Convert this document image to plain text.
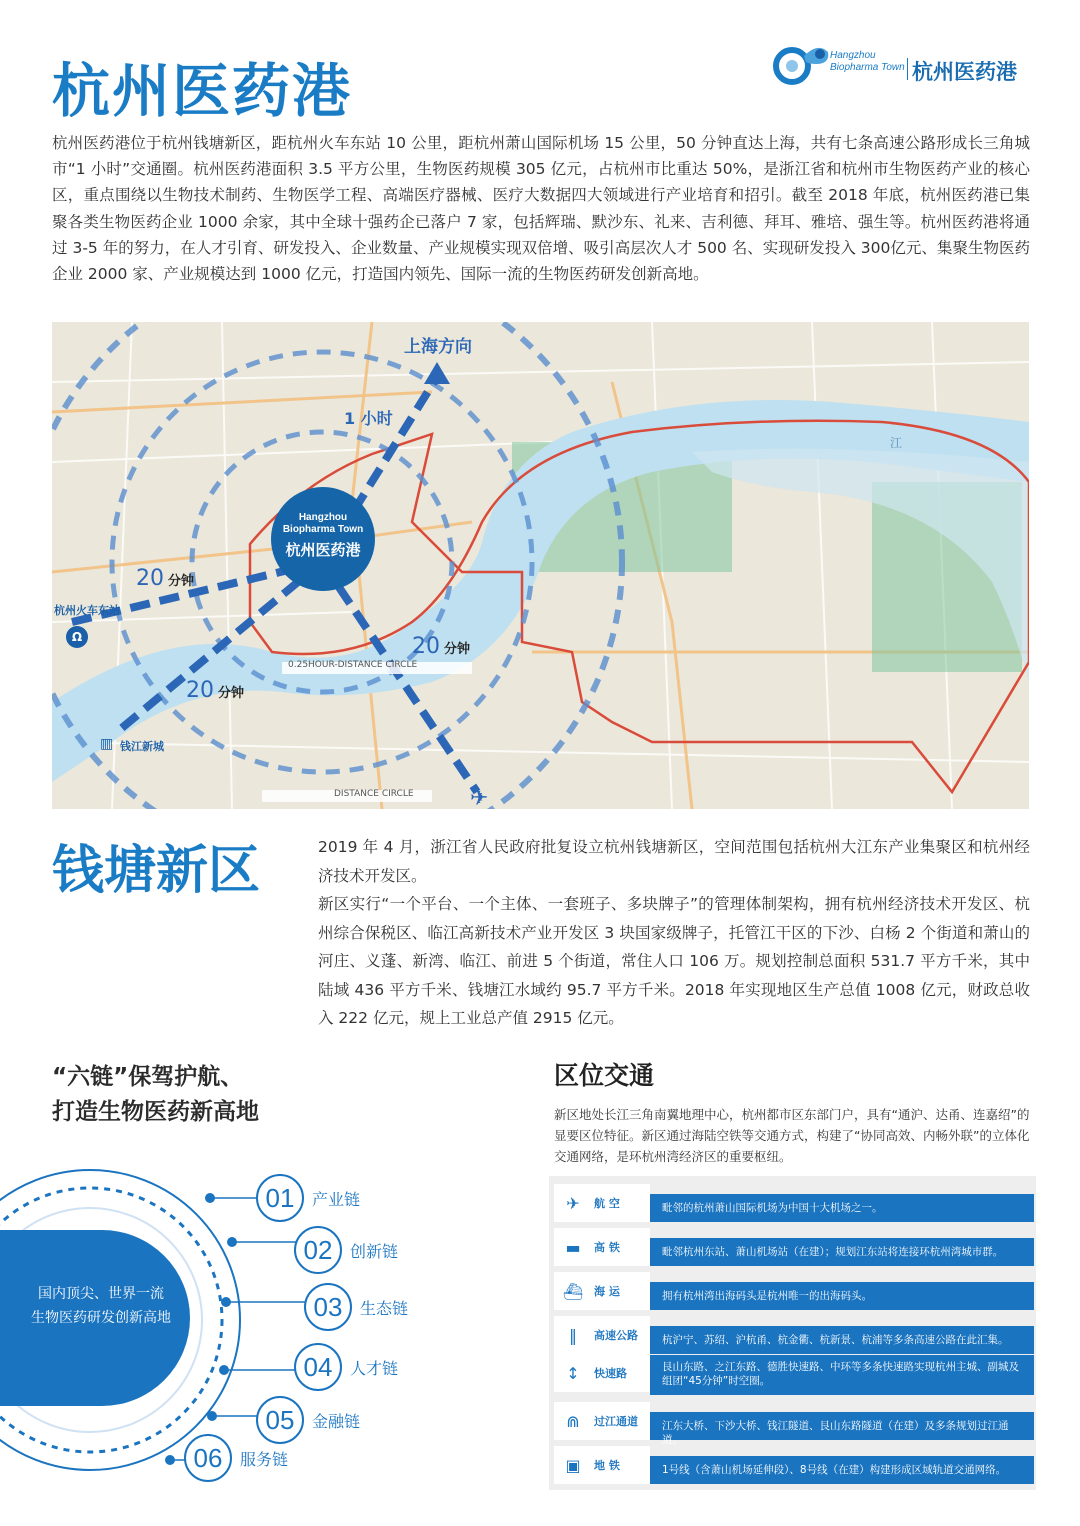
杭州医药港
Hangzhou
Biopharma Town 杭州医药港
杭州医药港位于杭州钱塘新区，距杭州火车东站 10 公里，距杭州萧山国际机场 15 公里，50 分钟直达上海，共有七条高速公路形成长三角城市“1 小时”交通圈。杭州医药港面积 3.5 平方公里，生物医药规模 305 亿元，占杭州市比重达 50%，是浙江省和杭州市生物医药产业的核心区，重点围绕以生物技术制药、生物医学工程、高端医疗器械、医疗大数据四大领域进行产业培育和招引。截至 2018 年底，杭州医药港已集聚各类生物医药企业 1000 余家，其中全球十强药企已落户 7 家，包括辉瑞、默沙东、礼来、吉利德、拜耳、雅培、强生等。杭州医药港将通过 3-5 年的努力，在人才引育、研发投入、企业数量、产业规模实现双倍增、吸引高层次人才 500 名、实现研发投入 300亿元、集聚生物医药企业 2000 家、产业规模达到 1000 亿元，打造国内领先、国际一流的生物医药研发创新高地。
上海方向
1 小时
Hangzhou
Biopharma Town
杭州医药港
20 分钟
20 分钟
20 分钟
杭州火车东站
Ω
▥ 钱江新城
0.25HOUR-DISTANCE CIRCLE
DISTANCE CIRCLE	✈
江
钱塘新区	2019 年 4 月，浙江省人民政府批复设立杭州钱塘新区，空间范围包括杭州大江东产业集聚区和杭州经济技术开发区。

新区实行“一个平台、一个主体、一套班子、多块牌子”的管理体制架构，拥有杭州经济技术开发区、杭州综合保税区、临江高新技术产业开发区 3 块国家级牌子，托管江干区的下沙、白杨 2 个街道和萧山的河庄、义蓬、新湾、临江、前进 5 个街道，常住人口 106 万。规划控制总面积 531.7 平方千米，其中陆域 436 平方千米、钱塘江水域约 95.7 平方千米。2018 年实现地区生产总值 1008 亿元，财政总收入 222 亿元，规上工业总产值 2915 亿元。

“六链”保驾护航、
打造生物医药新高地
国内顶尖、世界一流
生物医药研发创新高地
01	产业链
02	创新链
03	生态链
04	人才链
05	金融链
06	服务链
区位交通
新区地处长江三角南翼地理中心，杭州都市区东部门户，具有“通沪、达甬、连嘉绍”的显要区位特征。新区通过海陆空铁等交通方式，构建了“协同高效、内畅外联”的立体化交通网络，是环杭州湾经济区的重要枢纽。
✈	航 空	毗邻的杭州萧山国际机场为中国十大机场之一。
▬	高 铁	毗邻杭州东站、萧山机场站（在建）；规划江东站将连接环杭州湾城市群。
⛴ 海 运	拥有杭州湾出海码头是杭州唯一的出海码头。
‖	高速公路	杭沪宁、苏绍、沪杭甬、杭金衢、杭新景、杭浦等多条高速公路在此汇集。
↕	快速路	艮山东路、之江东路、德胜快速路、中环等多条快速路实现杭州主城、副城及组团“45分钟”时空圈。
⋒	过江通道	江东大桥、下沙大桥、钱江隧道、艮山东路隧道（在建）及多条规划过江通道。
▣	地 铁	1号线（含萧山机场延伸段）、8号线（在建）构建形成区域轨道交通网络。
